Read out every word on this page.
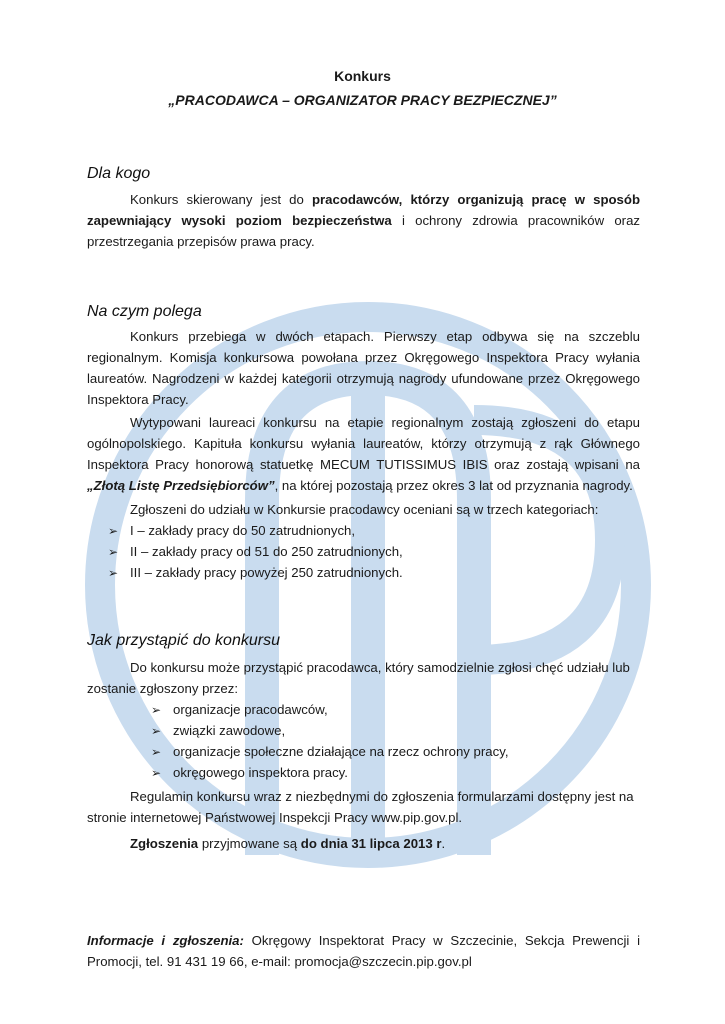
Konkurs
„PRACODAWCA – ORGANIZATOR PRACY BEZPIECZNEJ”
Dla kogo

Konkurs skierowany jest do pracodawców, którzy organizują pracę w sposób zapewniający wysoki poziom bezpieczeństwa i ochrony zdrowia pracowników oraz przestrzegania przepisów prawa pracy.

Na czym polega

Konkurs przebiega w dwóch etapach. Pierwszy etap odbywa się na szczeblu regionalnym. Komisja konkursowa powołana przez Okręgowego Inspektora Pracy wyłania laureatów. Nagrodzeni w każdej kategorii otrzymują nagrody ufundowane przez Okręgowego Inspektora Pracy.

Wytypowani laureaci konkursu na etapie regionalnym zostają zgłoszeni do etapu ogólnopolskiego. Kapituła konkursu wyłania laureatów, którzy otrzymują z rąk Głównego Inspektora Pracy honorową statuetkę MECUM TUTISSIMUS IBIS oraz zostają wpisani na „Złotą Listę Przedsiębiorców”, na której pozostają przez okres 3 lat od przyznania nagrody.

Zgłoszeni do udziału w Konkursie pracodawcy oceniani są w trzech kategoriach:

➢ I – zakłady pracy do 50 zatrudnionych,
➢ II – zakłady pracy od 51 do 250 zatrudnionych,
➢ III – zakłady pracy powyżej 250 zatrudnionych.
Jak przystąpić do konkursu

Do konkursu może przystąpić pracodawca, który samodzielnie zgłosi chęć udziału lub

zostanie zgłoszony przez:

➢ organizacje pracodawców,
➢ związki zawodowe,
➢ organizacje społeczne działające na rzecz ochrony pracy,
➢ okręgowego inspektora pracy.

Regulamin konkursu wraz z niezbędnymi do zgłoszenia formularzami dostępny jest na

stronie internetowej Państwowej Inspekcji Pracy www.pip.gov.pl.

Zgłoszenia przyjmowane są do dnia 31 lipca 2013 r.

Informacje i zgłoszenia: Okręgowy Inspektorat Pracy w Szczecinie, Sekcja Prewencji i Promocji, tel. 91 431 19 66, e-mail: promocja@szczecin.pip.gov.pl
